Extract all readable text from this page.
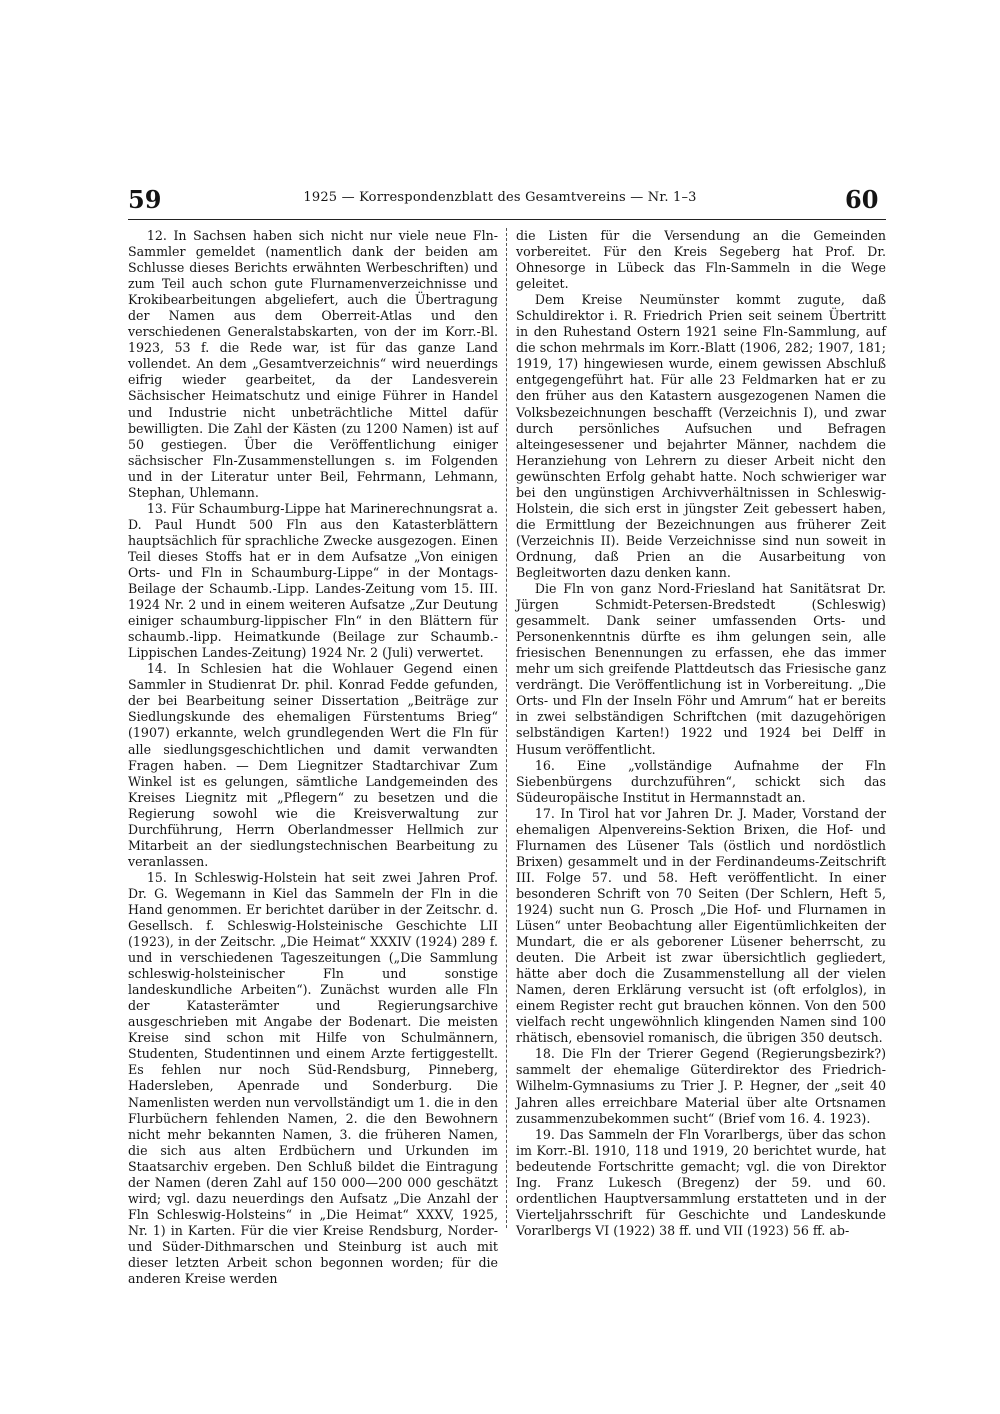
59	1925 — Korrespondenzblatt des Gesamtvereins — Nr. 1–3	60

12. In Sachsen haben sich nicht nur viele neue Fln-Sammler gemeldet (namentlich dank der beiden am Schlusse dieses Berichts erwähnten Werbeschriften) und zum Teil auch schon gute Flurnamenverzeichnisse und Krokibearbeitungen abgeliefert, auch die Übertragung der Namen aus dem Oberreit-Atlas und den verschiedenen Generalstabskarten, von der im Korr.-Bl. 1923, 53 f. die Rede war, ist für das ganze Land vollendet. An dem „Gesamtverzeichnis“ wird neuerdings eifrig wieder gearbeitet, da der Landesverein Sächsischer Heimatschutz und einige Führer in Handel und Industrie nicht unbeträchtliche Mittel dafür bewilligten. Die Zahl der Kästen (zu 1200 Namen) ist auf 50 gestiegen. Über die Veröffentlichung einiger sächsischer Fln-Zusammenstellungen s. im Folgenden und in der Literatur unter Beil, Fehrmann, Lehmann, Stephan, Uhlemann.

13. Für Schaumburg-Lippe hat Marinerechnungsrat a. D. Paul Hundt 500 Fln aus den Katasterblättern hauptsächlich für sprachliche Zwecke ausgezogen. Einen Teil dieses Stoffs hat er in dem Aufsatze „Von einigen Orts- und Fln in Schaumburg-Lippe“ in der Montags-Beilage der Schaumb.-Lipp. Landes-Zeitung vom 15. III. 1924 Nr. 2 und in einem weiteren Aufsatze „Zur Deutung einiger schaumburg-lippischer Fln“ in den Blättern für schaumb.-lipp. Heimatkunde (Beilage zur Schaumb.-Lippischen Landes-Zeitung) 1924 Nr. 2 (Juli) verwertet.

14. In Schlesien hat die Wohlauer Gegend einen Sammler in Studienrat Dr. phil. Konrad Fedde gefunden, der bei Bearbeitung seiner Dissertation „Beiträge zur Siedlungskunde des ehemaligen Fürstentums Brieg“ (1907) erkannte, welch grundlegenden Wert die Fln für alle siedlungsgeschichtlichen und damit verwandten Fragen haben. — Dem Liegnitzer Stadtarchivar Zum Winkel ist es gelungen, sämtliche Landgemeinden des Kreises Liegnitz mit „Pflegern“ zu besetzen und die Regierung sowohl wie die Kreisverwaltung zur Durchführung, Herrn Oberlandmesser Hellmich zur Mitarbeit an der siedlungstechnischen Bearbeitung zu veranlassen.

15. In Schleswig-Holstein hat seit zwei Jahren Prof. Dr. G. Wegemann in Kiel das Sammeln der Fln in die Hand genommen. Er berichtet darüber in der Zeitschr. d. Gesellsch. f. Schleswig-Holsteinische Geschichte LII (1923), in der Zeitschr. „Die Heimat“ XXXIV (1924) 289 f. und in verschiedenen Tageszeitungen („Die Sammlung schleswig-holsteinischer Fln und sonstige landeskundliche Arbeiten“). Zunächst wurden alle Fln der Katasterämter und Regierungsarchive ausgeschrieben mit Angabe der Bodenart. Die meisten Kreise sind schon mit Hilfe von Schulmännern, Studenten, Studentinnen und einem Arzte fertiggestellt. Es fehlen nur noch Süd-Rendsburg, Pinneberg, Hadersleben, Apenrade und Sonderburg. Die Namenlisten werden nun vervollständigt um 1. die in den Flurbüchern fehlenden Namen, 2. die den Bewohnern nicht mehr bekannten Namen, 3. die früheren Namen, die sich aus alten Erdbüchern und Urkunden im Staatsarchiv ergeben. Den Schluß bildet die Eintragung der Namen (deren Zahl auf 150 000—200 000 geschätzt wird; vgl. dazu neuerdings den Aufsatz „Die Anzahl der Fln Schleswig-Holsteins“ in „Die Heimat“ XXXV, 1925, Nr. 1) in Karten. Für die vier Kreise Rendsburg, Norder- und Süder-Dithmarschen und Steinburg ist auch mit dieser letzten Arbeit schon begonnen worden; für die anderen Kreise werden

die Listen für die Versendung an die Gemeinden vorbereitet. Für den Kreis Segeberg hat Prof. Dr. Ohnesorge in Lübeck das Fln-Sammeln in die Wege geleitet.

Dem Kreise Neumünster kommt zugute, daß Schuldirektor i. R. Friedrich Prien seit seinem Übertritt in den Ruhestand Ostern 1921 seine Fln-Sammlung, auf die schon mehrmals im Korr.-Blatt (1906, 282; 1907, 181; 1919, 17) hingewiesen wurde, einem gewissen Abschluß entgegengeführt hat. Für alle 23 Feldmarken hat er zu den früher aus den Katastern ausgezogenen Namen die Volksbezeichnungen beschafft (Verzeichnis I), und zwar durch persönliches Aufsuchen und Befragen alteingesessener und bejahrter Männer, nachdem die Heranziehung von Lehrern zu dieser Arbeit nicht den gewünschten Erfolg gehabt hatte. Noch schwieriger war bei den ungünstigen Archivverhältnissen in Schleswig-Holstein, die sich erst in jüngster Zeit gebessert haben, die Ermittlung der Bezeichnungen aus früherer Zeit (Verzeichnis II). Beide Verzeichnisse sind nun soweit in Ordnung, daß Prien an die Ausarbeitung von Begleitworten dazu denken kann.

Die Fln von ganz Nord-Friesland hat Sanitätsrat Dr. Jürgen Schmidt-Petersen-Bredstedt (Schleswig) gesammelt. Dank seiner umfassenden Orts- und Personenkenntnis dürfte es ihm gelungen sein, alle friesischen Benennungen zu erfassen, ehe das immer mehr um sich greifende Plattdeutsch das Friesische ganz verdrängt. Die Veröffentlichung ist in Vorbereitung. „Die Orts- und Fln der Inseln Föhr und Amrum“ hat er bereits in zwei selbständigen Schriftchen (mit dazugehörigen selbständigen Karten!) 1922 und 1924 bei Delff in Husum veröffentlicht.

16. Eine „vollständige Aufnahme der Fln Siebenbürgens durchzuführen“, schickt sich das Südeuropäische Institut in Hermannstadt an.

17. In Tirol hat vor Jahren Dr. J. Mader, Vorstand der ehemaligen Alpenvereins-Sektion Brixen, die Hof- und Flurnamen des Lüsener Tals (östlich und nordöstlich Brixen) gesammelt und in der Ferdinandeums-Zeitschrift III. Folge 57. und 58. Heft veröffentlicht. In einer besonderen Schrift von 70 Seiten (Der Schlern, Heft 5, 1924) sucht nun G. Prosch „Die Hof- und Flurnamen in Lüsen“ unter Beobachtung aller Eigentümlichkeiten der Mundart, die er als geborener Lüsener beherrscht, zu deuten. Die Arbeit ist zwar übersichtlich gegliedert, hätte aber doch die Zusammenstellung all der vielen Namen, deren Erklärung versucht ist (oft erfolglos), in einem Register recht gut brauchen können. Von den 500 vielfach recht ungewöhnlich klingenden Namen sind 100 rhätisch, ebensoviel romanisch, die übrigen 350 deutsch.

18. Die Fln der Trierer Gegend (Regierungsbezirk?) sammelt der ehemalige Güterdirektor des Friedrich-Wilhelm-Gymnasiums zu Trier J. P. Hegner, der „seit 40 Jahren alles erreichbare Material über alte Ortsnamen zusammenzubekommen sucht“ (Brief vom 16. 4. 1923).

19. Das Sammeln der Fln Vorarlbergs, über das schon im Korr.-Bl. 1910, 118 und 1919, 20 berichtet wurde, hat bedeutende Fortschritte gemacht; vgl. die von Direktor Ing. Franz Lukesch (Bregenz) der 59. und 60. ordentlichen Hauptversammlung erstatteten und in der Vierteljahrsschrift für Geschichte und Landeskunde Vorarlbergs VI (1922) 38 ff. und VII (1923) 56 ff. ab-
